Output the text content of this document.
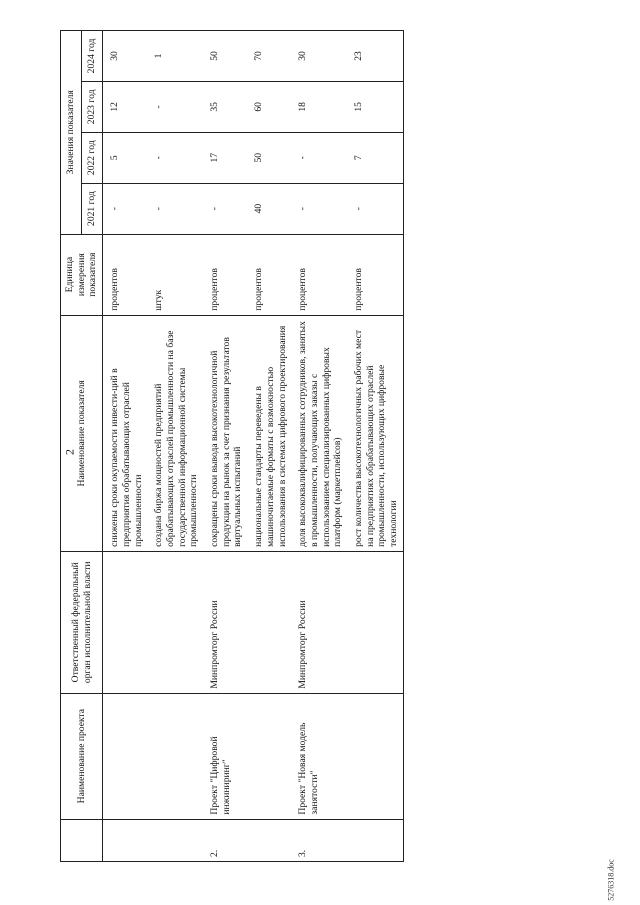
2
	Наименование проекта	Ответственный федеральный орган исполнительной власти	Наименование показателя	Единица измерения показателя	Значения показателя			
					2021 год	2022 год	2023 год	2024 год
			снижены сроки окупаемости инвести-ций в предприятия обрабатывающих отраслей промышленности	процентов	-	5	12	30
			создана биржа мощностей предприятий обрабатывающих отраслей промышленности на базе государственной информационной системы промышленности	штук	-	-	-	1
2.	Проект "Цифровой инжиниринг"	Минпромторг России	сокращены сроки вывода высокотехнологичной продукции на рынок за счет признания результатов виртуальных испытаний	процентов	-	17	35	50
			национальные стандарты переведены в машиночитаемые форматы с возможностью использования в системах цифрового проектирования	процентов	40	50	60	70
3.	Проект "Новая модель занятости"	Минпромторг России	доля высококвалифицированных сотрудников, занятых в промышленности, получающих заказы с использованием специализированных цифровых платформ (маркетплейсов)	процентов	-	-	18	30
			рост количества высокотехнологичных рабочих мест на предприятиях обрабатывающих отраслей промышленности, использующих цифровые технологии	процентов	-	7	15	23
5276318.doc
